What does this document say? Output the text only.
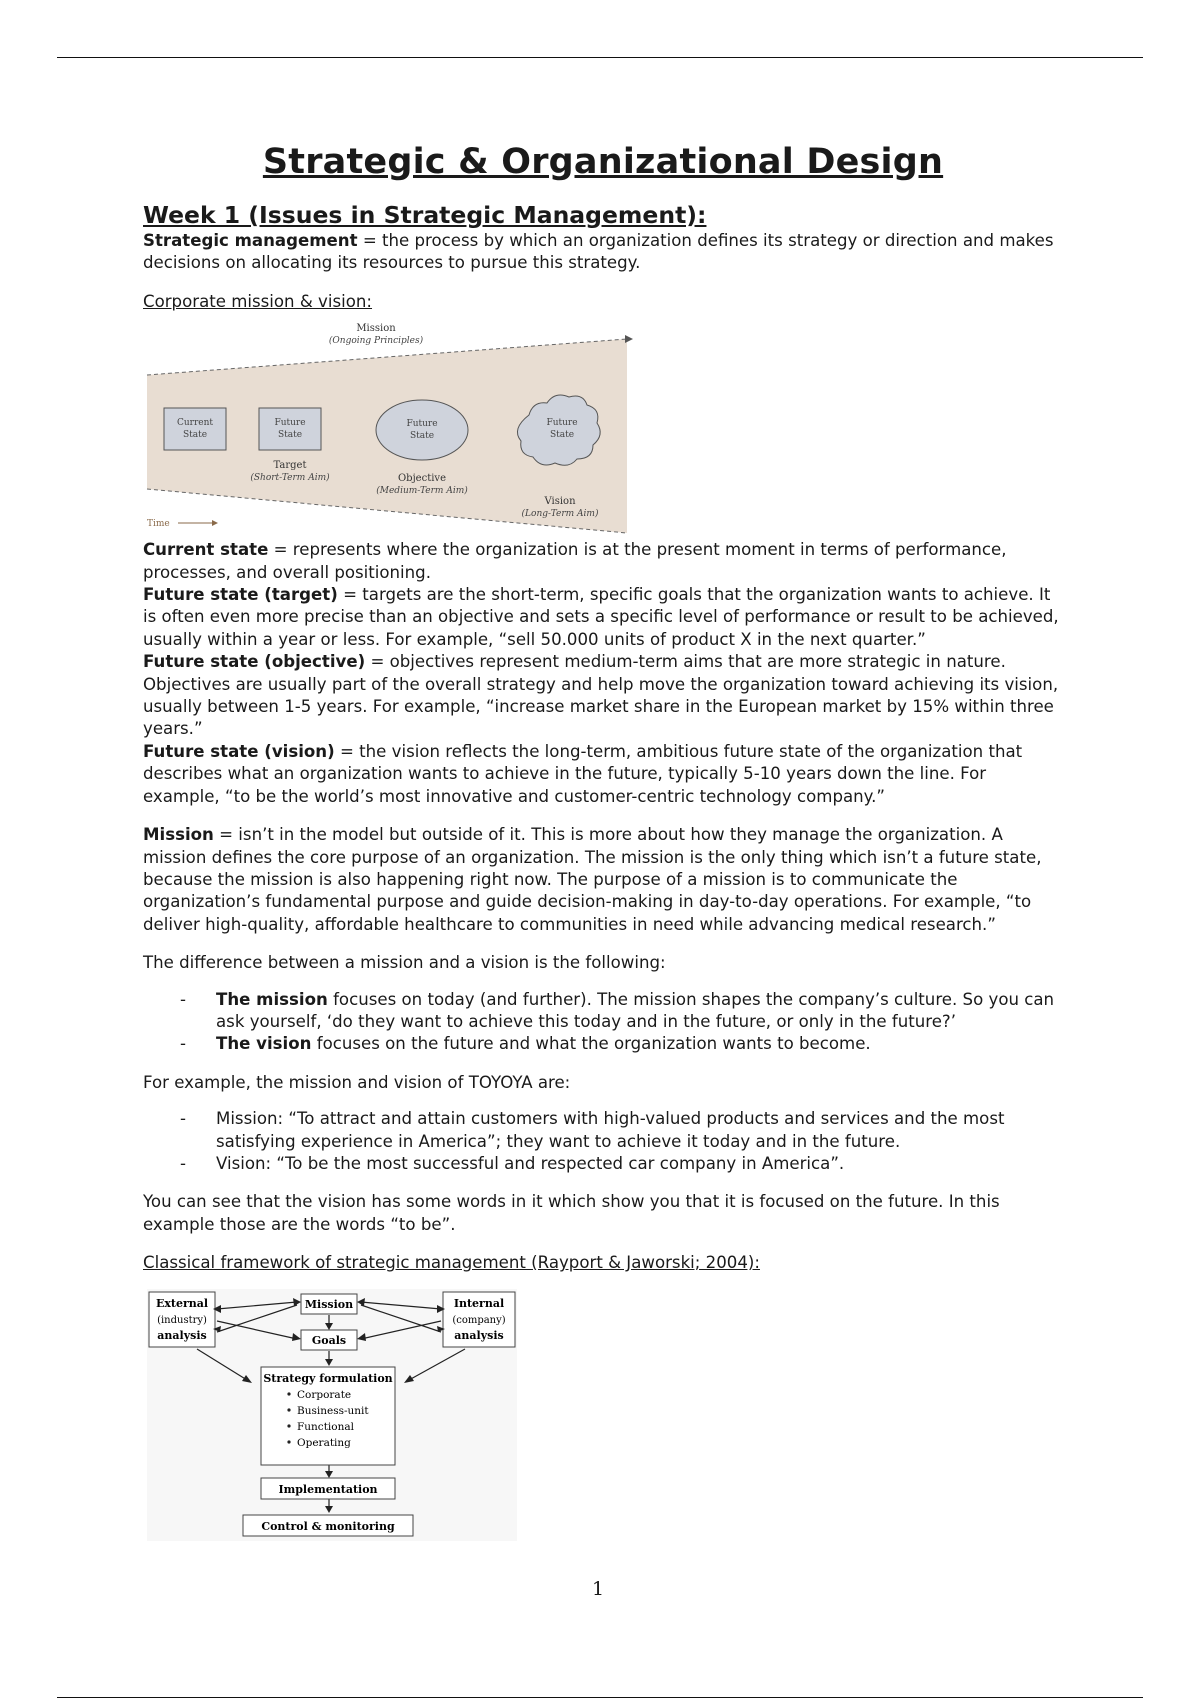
Strategic & Organizational Design
Week 1 (Issues in Strategic Management):

Strategic management = the process by which an organization defines its strategy or direction and makes decisions on allocating its resources to pursue this strategy.

Corporate mission & vision:

Mission
(Ongoing Principles)
Current
State
Future
State
Target
(Short-Term Aim)
Future
State
Objective
(Medium-Term Aim)
Future
State
Vision
(Long-Term Aim)
Time

Current state = represents where the organization is at the present moment in terms of performance, processes, and overall positioning.

Future state (target) = targets are the short-term, specific goals that the organization wants to achieve. It is often even more precise than an objective and sets a specific level of performance or result to be achieved, usually within a year or less. For example, “sell 50.000 units of product X in the next quarter.”

Future state (objective) = objectives represent medium-term aims that are more strategic in nature. Objectives are usually part of the overall strategy and help move the organization toward achieving its vision, usually between 1-5 years. For example, “increase market share in the European market by 15% within three years.”

Future state (vision) = the vision reflects the long-term, ambitious future state of the organization that describes what an organization wants to achieve in the future, typically 5-10 years down the line. For example, “to be the world’s most innovative and customer-centric technology company.”

Mission = isn’t in the model but outside of it. This is more about how they manage the organization. A mission defines the core purpose of an organization. The mission is the only thing which isn’t a future state, because the mission is also happening right now. The purpose of a mission is to communicate the organization’s fundamental purpose and guide decision-making in day-to-day operations. For example, “to deliver high-quality, affordable healthcare to communities in need while advancing medical research.”

The difference between a mission and a vision is the following:

- The mission focuses on today (and further). The mission shapes the company’s culture. So you can ask yourself, ‘do they want to achieve this today and in the future, or only in the future?’
- The vision focuses on the future and what the organization wants to become.

For example, the mission and vision of TOYOYA are:

- Mission: “To attract and attain customers with high-valued products and services and the most satisfying experience in America”; they want to achieve it today and in the future.
- Vision: “To be the most successful and respected car company in America”.

You can see that the vision has some words in it which show you that it is focused on the future. In this example those are the words “to be”.

Classical framework of strategic management (Rayport & Jaworski; 2004):

External
(industry)
analysis
Mission
Goals
Internal
(company)
analysis
Strategy formulation
Corporate
Business-unit
Functional
Operating
Implementation
Control & monitoring
1
